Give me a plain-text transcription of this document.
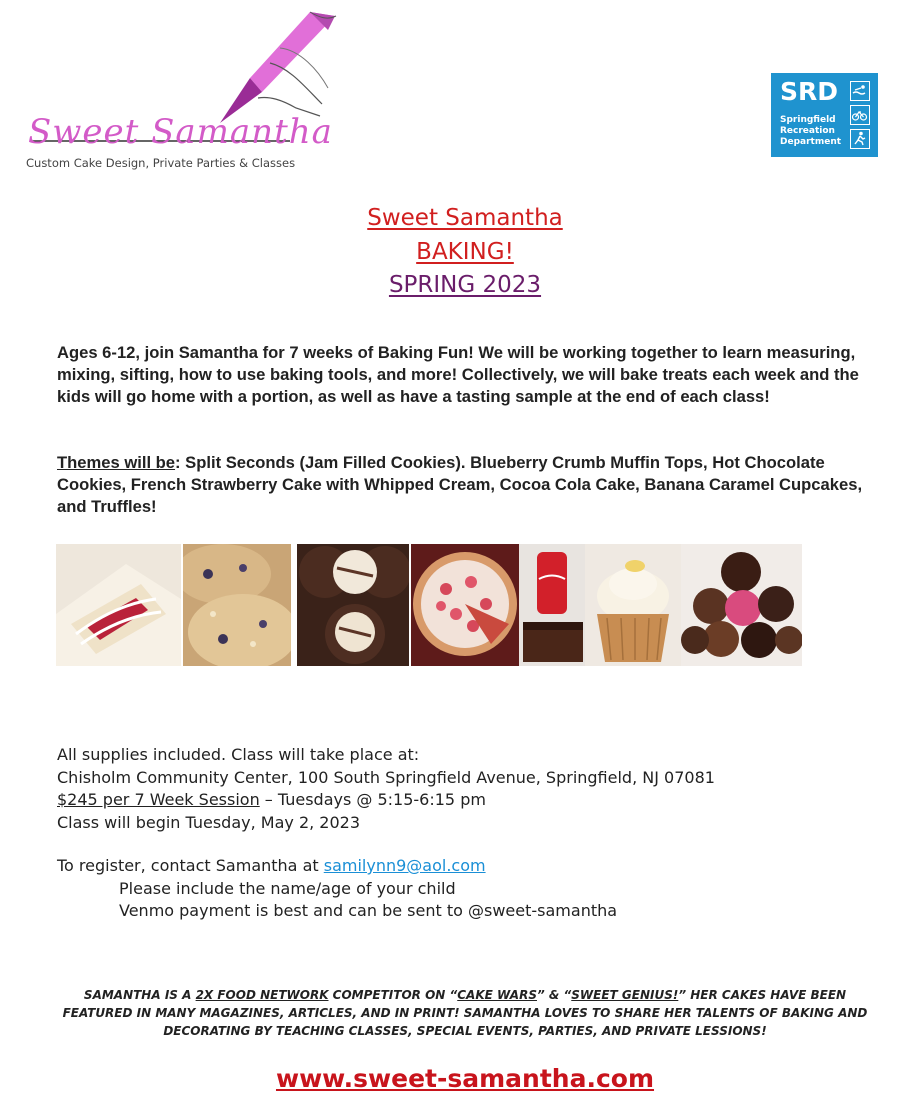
Sweet Samantha
Custom Cake Design, Private Parties & Classes
SRD
Springfield
Recreation
Department
Sweet Samantha
BAKING!
SPRING 2023
Ages 6-12, join Samantha for 7 weeks of Baking Fun! We will be working together to learn measuring, mixing, sifting, how to use baking tools, and more! Collectively, we will bake treats each week and the kids will go home with a portion, as well as have a tasting sample at the end of each class!
Themes will be: Split Seconds (Jam Filled Cookies). Blueberry Crumb Muffin Tops, Hot Chocolate Cookies, French Strawberry Cake with Whipped Cream, Cocoa Cola Cake, Banana Caramel Cupcakes, and Truffles!
All supplies included. Class will take place at:
Chisholm Community Center, 100 South Springfield Avenue, Springfield, NJ 07081
$245 per 7 Week Session – Tuesdays @ 5:15-6:15 pm
Class will begin Tuesday, May 2, 2023
To register, contact Samantha at samilynn9@aol.com
Please include the name/age of your child
Venmo payment is best and can be sent to @sweet-samantha
SAMANTHA IS A 2X FOOD NETWORK COMPETITOR ON “CAKE WARS” & “SWEET GENIUS!” HER CAKES HAVE BEEN FEATURED IN MANY MAGAZINES, ARTICLES, AND IN PRINT! SAMANTHA LOVES TO SHARE HER TALENTS OF BAKING AND DECORATING BY TEACHING CLASSES, SPECIAL EVENTS, PARTIES, AND PRIVATE LESSIONS!
www.sweet-samantha.com
